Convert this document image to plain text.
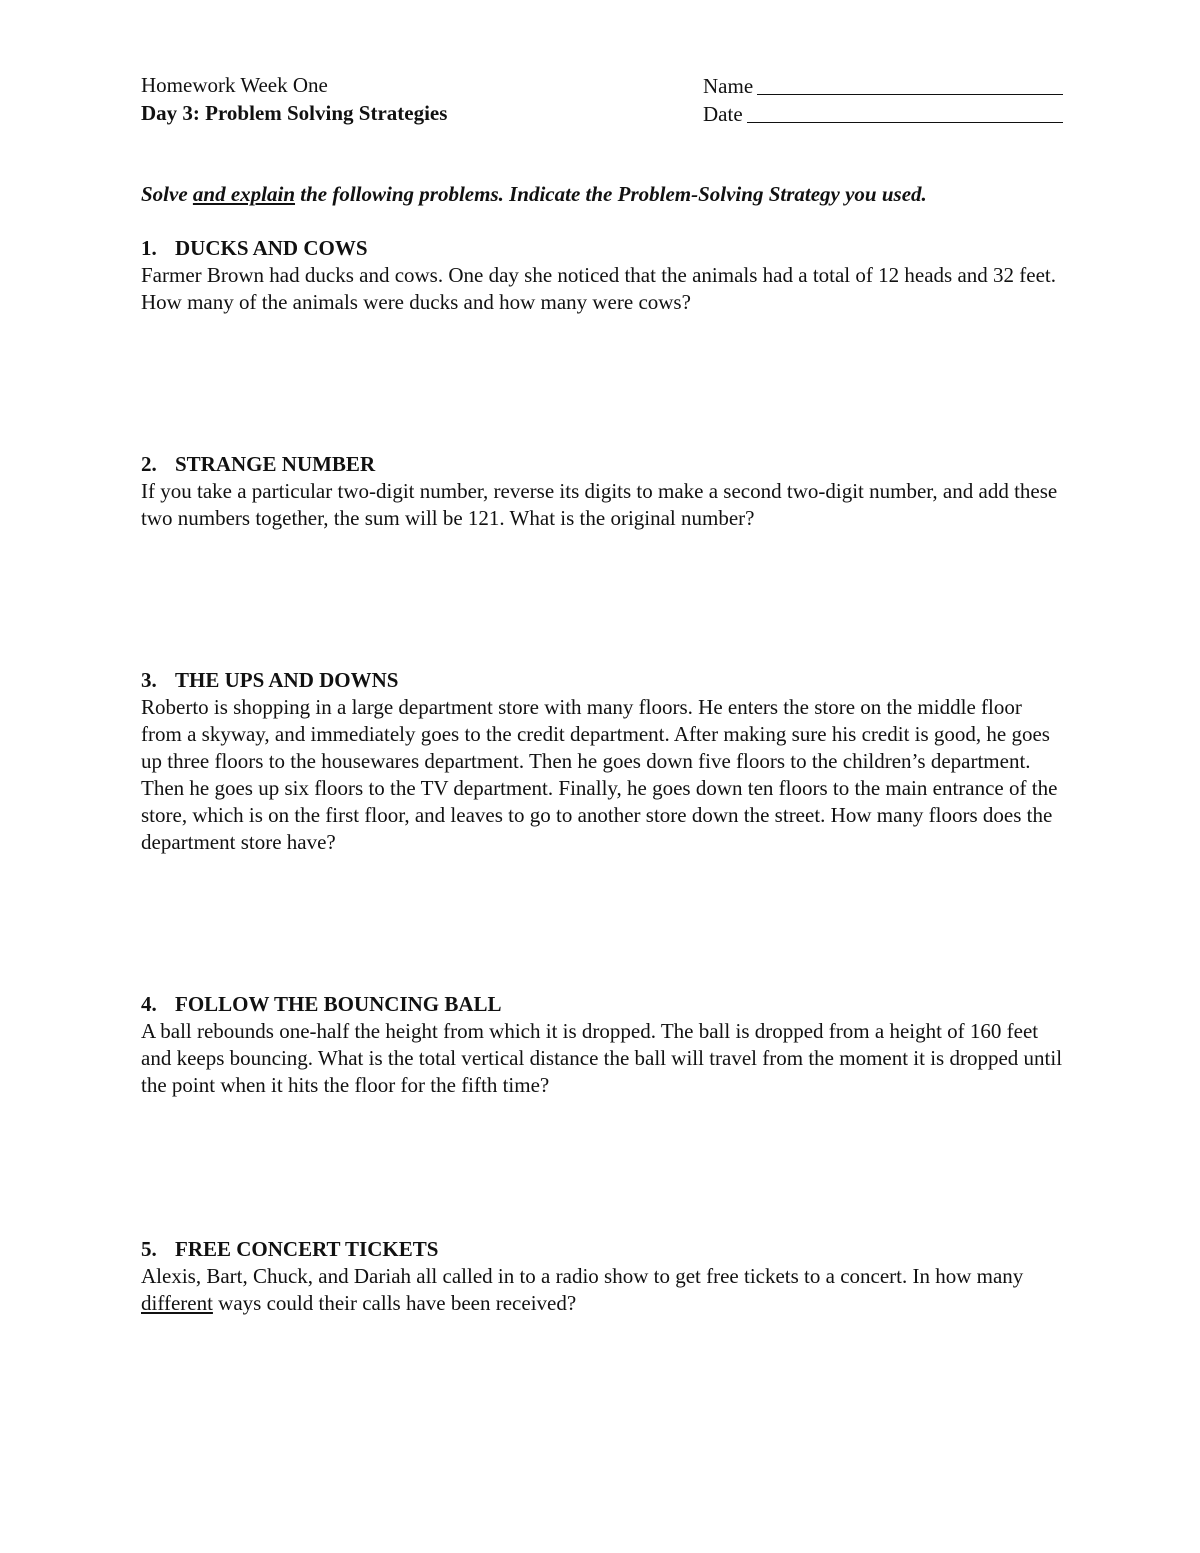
Homework Week One
Day 3: Problem Solving Strategies
Name
Date
Solve and explain the following problems. Indicate the Problem-Solving Strategy you used.
1. DUCKS AND COWS
Farmer Brown had ducks and cows. One day she noticed that the animals had a total of 12 heads and 32 feet. How many of the animals were ducks and how many were cows?
2. STRANGE NUMBER
If you take a particular two-digit number, reverse its digits to make a second two-digit number, and add these two numbers together, the sum will be 121. What is the original number?
3. THE UPS AND DOWNS
Roberto is shopping in a large department store with many floors. He enters the store on the middle floor from a skyway, and immediately goes to the credit department. After making sure his credit is good, he goes up three floors to the housewares department. Then he goes down five floors to the children’s department. Then he goes up six floors to the TV department. Finally, he goes down ten floors to the main entrance of the store, which is on the first floor, and leaves to go to another store down the street. How many floors does the department store have?
4. FOLLOW THE BOUNCING BALL
A ball rebounds one-half the height from which it is dropped. The ball is dropped from a height of 160 feet and keeps bouncing. What is the total vertical distance the ball will travel from the moment it is dropped until the point when it hits the floor for the fifth time?
5. FREE CONCERT TICKETS
Alexis, Bart, Chuck, and Dariah all called in to a radio show to get free tickets to a concert. In how many different ways could their calls have been received?
